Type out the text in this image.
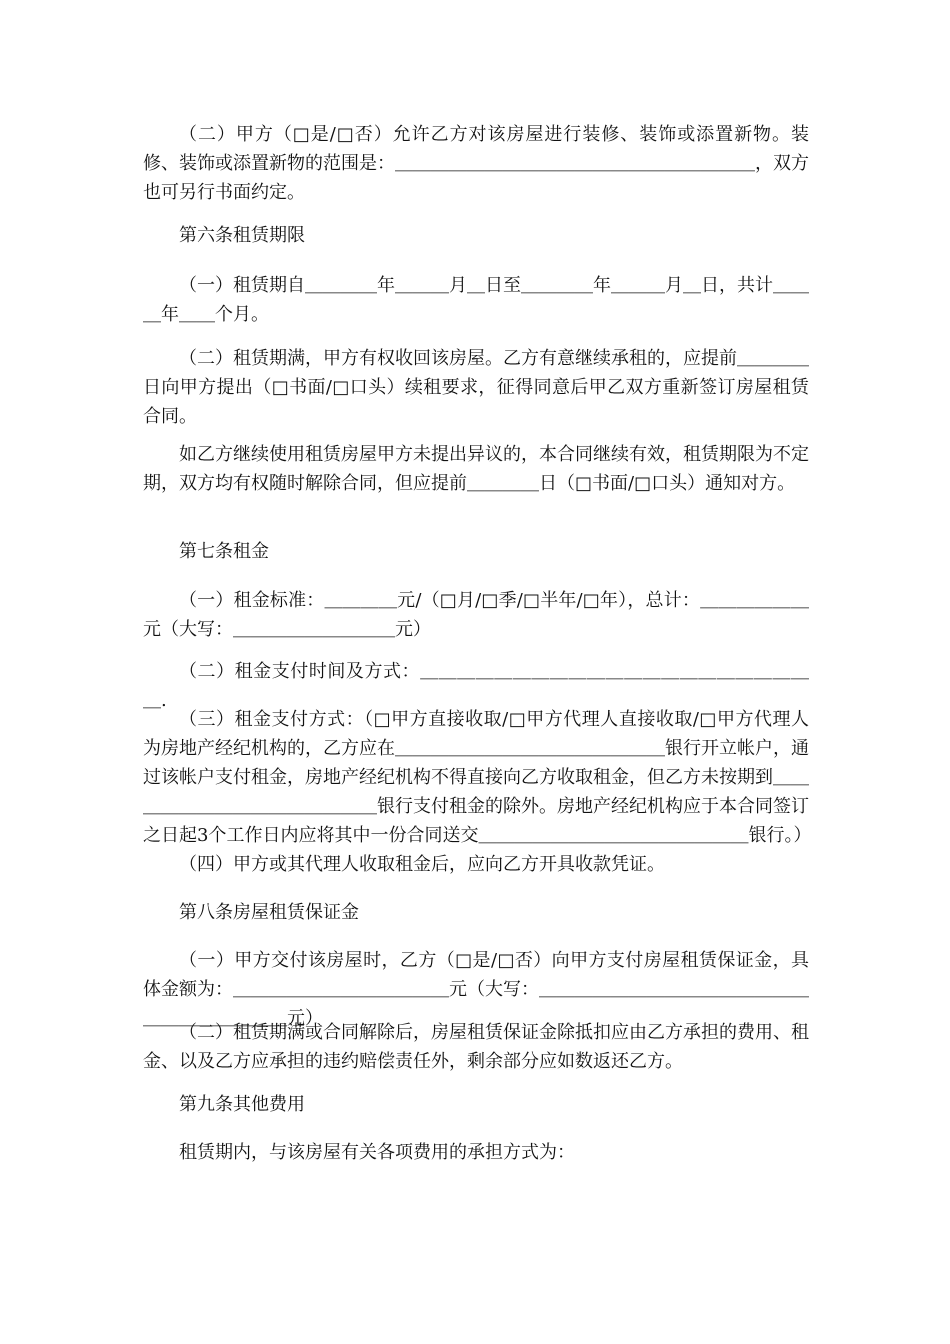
（二）甲方（□是/□否）允许乙方对该房屋进行装修、装饰或添置新物。装修、装饰或添置新物的范围是：＿＿＿＿＿＿＿＿＿＿＿＿＿＿＿＿＿＿＿＿，双方也可另行书面约定。

第六条租赁期限

（一）租赁期自＿＿＿＿年＿＿＿月＿日至＿＿＿＿年＿＿＿月＿日，共计＿＿＿年＿＿个月。

（二）租赁期满，甲方有权收回该房屋。乙方有意继续承租的，应提前＿＿＿＿日向甲方提出（□书面/□口头）续租要求，征得同意后甲乙双方重新签订房屋租赁合同。

如乙方继续使用租赁房屋甲方未提出异议的，本合同继续有效，租赁期限为不定期，双方均有权随时解除合同，但应提前＿＿＿＿日（□书面/□口头）通知对方。

第七条租金

（一）租金标准：＿＿＿＿元/（□月/□季/□半年/□年），总计：＿＿＿＿＿＿元（大写：＿＿＿＿＿＿＿＿＿元）

（二）租金支付时间及方式：＿＿＿＿＿＿＿＿＿＿＿＿＿＿＿＿＿＿＿＿＿＿.

（三）租金支付方式：（□甲方直接收取/□甲方代理人直接收取/□甲方代理人为房地产经纪机构的，乙方应在＿＿＿＿＿＿＿＿＿＿＿＿＿＿＿银行开立帐户，通过该帐户支付租金，房地产经纪机构不得直接向乙方收取租金，但乙方未按期到＿＿＿＿＿＿＿＿＿＿＿＿＿＿＿银行支付租金的除外。房地产经纪机构应于本合同签订之日起3个工作日内应将其中一份合同送交＿＿＿＿＿＿＿＿＿＿＿＿＿＿＿银行。）

（四）甲方或其代理人收取租金后，应向乙方开具收款凭证。

第八条房屋租赁保证金

（一）甲方交付该房屋时，乙方（□是/□否）向甲方支付房屋租赁保证金，具体金额为：＿＿＿＿＿＿＿＿＿＿＿＿元（大写：＿＿＿＿＿＿＿＿＿＿＿＿＿＿＿＿＿＿＿＿＿＿＿元）

（二）租赁期满或合同解除后，房屋租赁保证金除抵扣应由乙方承担的费用、租金、以及乙方应承担的违约赔偿责任外，剩余部分应如数返还乙方。

第九条其他费用

租赁期内，与该房屋有关各项费用的承担方式为：
